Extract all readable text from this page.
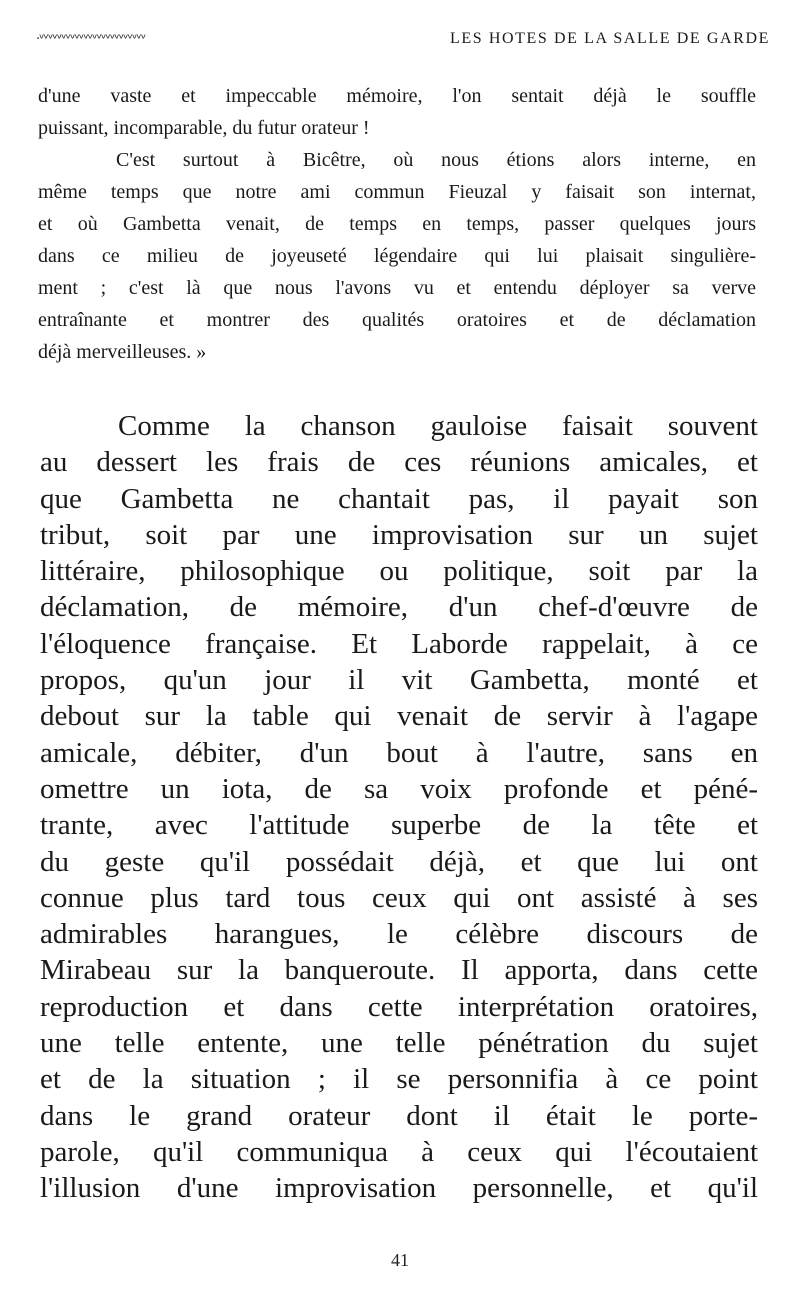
·ᵛᵛᵛᵛᵛᵛᵛᵛᵛᵛᵛᵛᵛᵛᵛᵛᵛᵛᵛᵛᵛᵛᵛᵛ	LES HOTES DE LA SALLE DE GARDE
d'une vaste et impeccable mémoire, l'on sentait déjà le souffle
puissant, incomparable, du futur orateur !
C'est surtout à Bicêtre, où nous étions alors interne, en
même temps que notre ami commun Fieuzal y faisait son internat,
et où Gambetta venait, de temps en temps, passer quelques jours
dans ce milieu de joyeuseté légendaire qui lui plaisait singulière-
ment ; c'est là que nous l'avons vu et entendu déployer sa verve
entraînante et montrer des qualités oratoires et de déclamation
déjà merveilleuses. »
Comme la chanson gauloise faisait souvent
au dessert les frais de ces réunions amicales, et
que Gambetta ne chantait pas, il payait son
tribut, soit par une improvisation sur un sujet
littéraire, philosophique ou politique, soit par la
déclamation, de mémoire, d'un chef-d'œuvre de
l'éloquence française. Et Laborde rappelait, à ce
propos, qu'un jour il vit Gambetta, monté et
debout sur la table qui venait de servir à l'agape
amicale, débiter, d'un bout à l'autre, sans en
omettre un iota, de sa voix profonde et péné-
trante, avec l'attitude superbe de la tête et
du geste qu'il possédait déjà, et que lui ont
connue plus tard tous ceux qui ont assisté à ses
admirables harangues, le célèbre discours de
Mirabeau sur la banqueroute. Il apporta, dans cette
reproduction et dans cette interprétation oratoires,
une telle entente, une telle pénétration du sujet
et de la situation ; il se personnifia à ce point
dans le grand orateur dont il était le porte-
parole, qu'il communiqua à ceux qui l'écoutaient
l'illusion d'une improvisation personnelle, et qu'il
41
